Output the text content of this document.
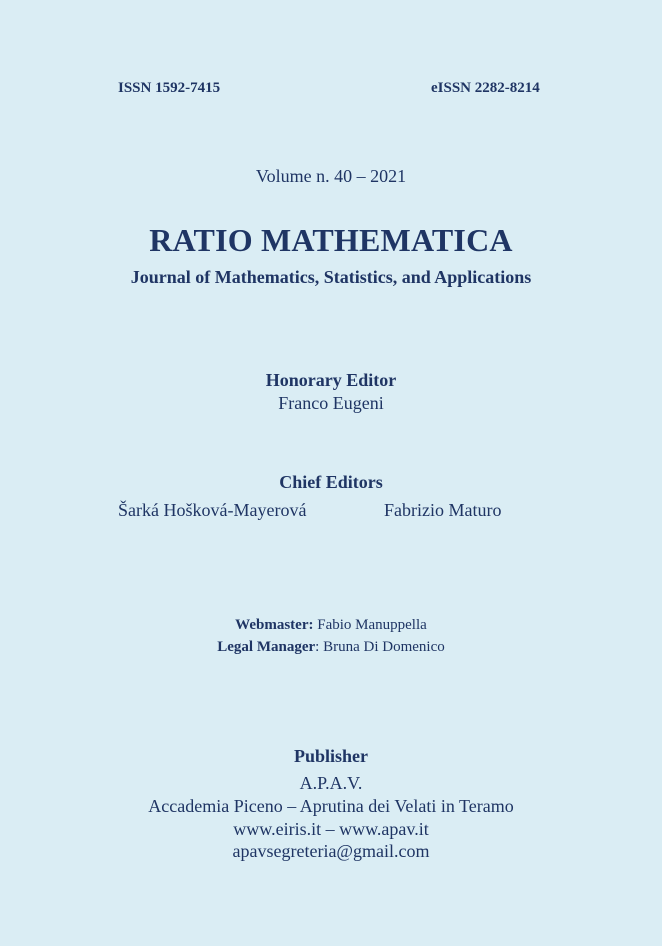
ISSN 1592-7415	eISSN 2282-8214
Volume n. 40 – 2021
RATIO MATHEMATICA
Journal of Mathematics, Statistics, and Applications
Honorary Editor
Franco Eugeni
Chief Editors
Šarká Hošková-Mayerová	Fabrizio Maturo
Webmaster: Fabio Manuppella
Legal Manager: Bruna Di Domenico
Publisher
A.P.A.V.
Accademia Piceno – Aprutina dei Velati in Teramo
www.eiris.it – www.apav.it
apavsegreteria@gmail.com
